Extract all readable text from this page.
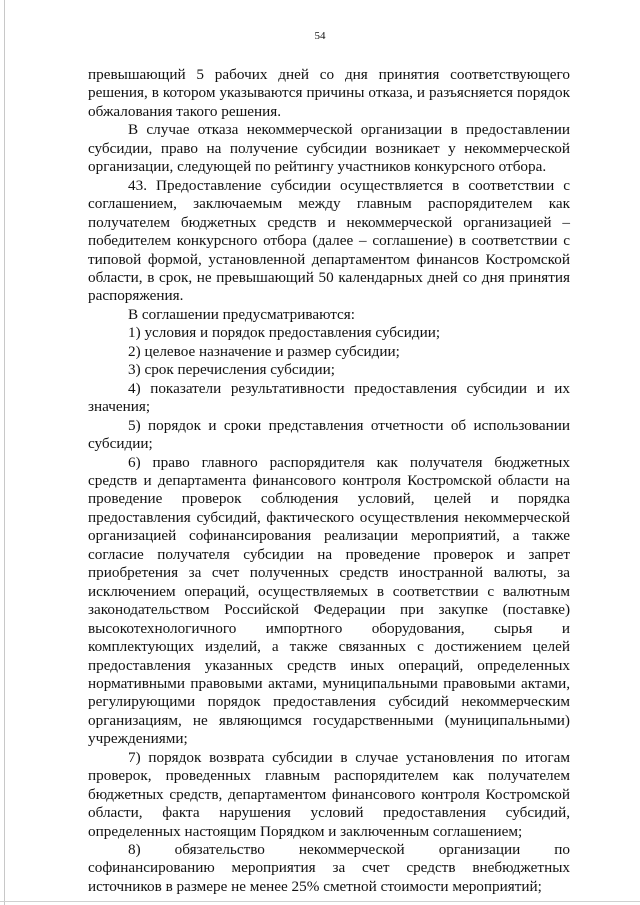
54

превышающий 5 рабочих дней со дня принятия соответствующего решения, в котором указываются причины отказа, и разъясняется порядок обжалования такого решения.

В случае отказа некоммерческой организации в предоставлении субсидии, право на получение субсидии возникает у некоммерческой организации, следующей по рейтингу участников конкурсного отбора.

43. Предоставление субсидии осуществляется в соответствии с соглашением, заключаемым между главным распорядителем как получателем бюджетных средств и некоммерческой организацией – победителем конкурсного отбора (далее – соглашение) в соответствии с типовой формой, установленной департаментом финансов Костромской области, в срок, не превышающий 50 календарных дней со дня принятия распоряжения.

В соглашении предусматриваются:

1) условия и порядок предоставления субсидии;

2) целевое назначение и размер субсидии;

3) срок перечисления субсидии;

4) показатели результативности предоставления субсидии и их значения;

5) порядок и сроки представления отчетности об использовании субсидии;

6) право главного распорядителя как получателя бюджетных средств и департамента финансового контроля Костромской области на проведение проверок соблюдения условий, целей и порядка предоставления субсидий, фактического осуществления некоммерческой организацией софинансирования реализации мероприятий, а также согласие получателя субсидии на проведение проверок и запрет приобретения за счет полученных средств иностранной валюты, за исключением операций, осуществляемых в соответствии с валютным законодательством Российской Федерации при закупке (поставке) высокотехнологичного импортного оборудования, сырья и комплектующих изделий, а также связанных с достижением целей предоставления указанных средств иных операций, определенных нормативными правовыми актами, муниципальными правовыми актами, регулирующими порядок предоставления субсидий некоммерческим организациям, не являющимся государственными (муниципальными) учреждениями;

7) порядок возврата субсидии в случае установления по итогам проверок, проведенных главным распорядителем как получателем бюджетных средств, департаментом финансового контроля Костромской области, факта нарушения условий предоставления субсидий, определенных настоящим Порядком и заключенным соглашением;

8) обязательство некоммерческой организации по софинансированию мероприятия за счет средств внебюджетных источников в размере не менее 25% сметной стоимости мероприятий;
